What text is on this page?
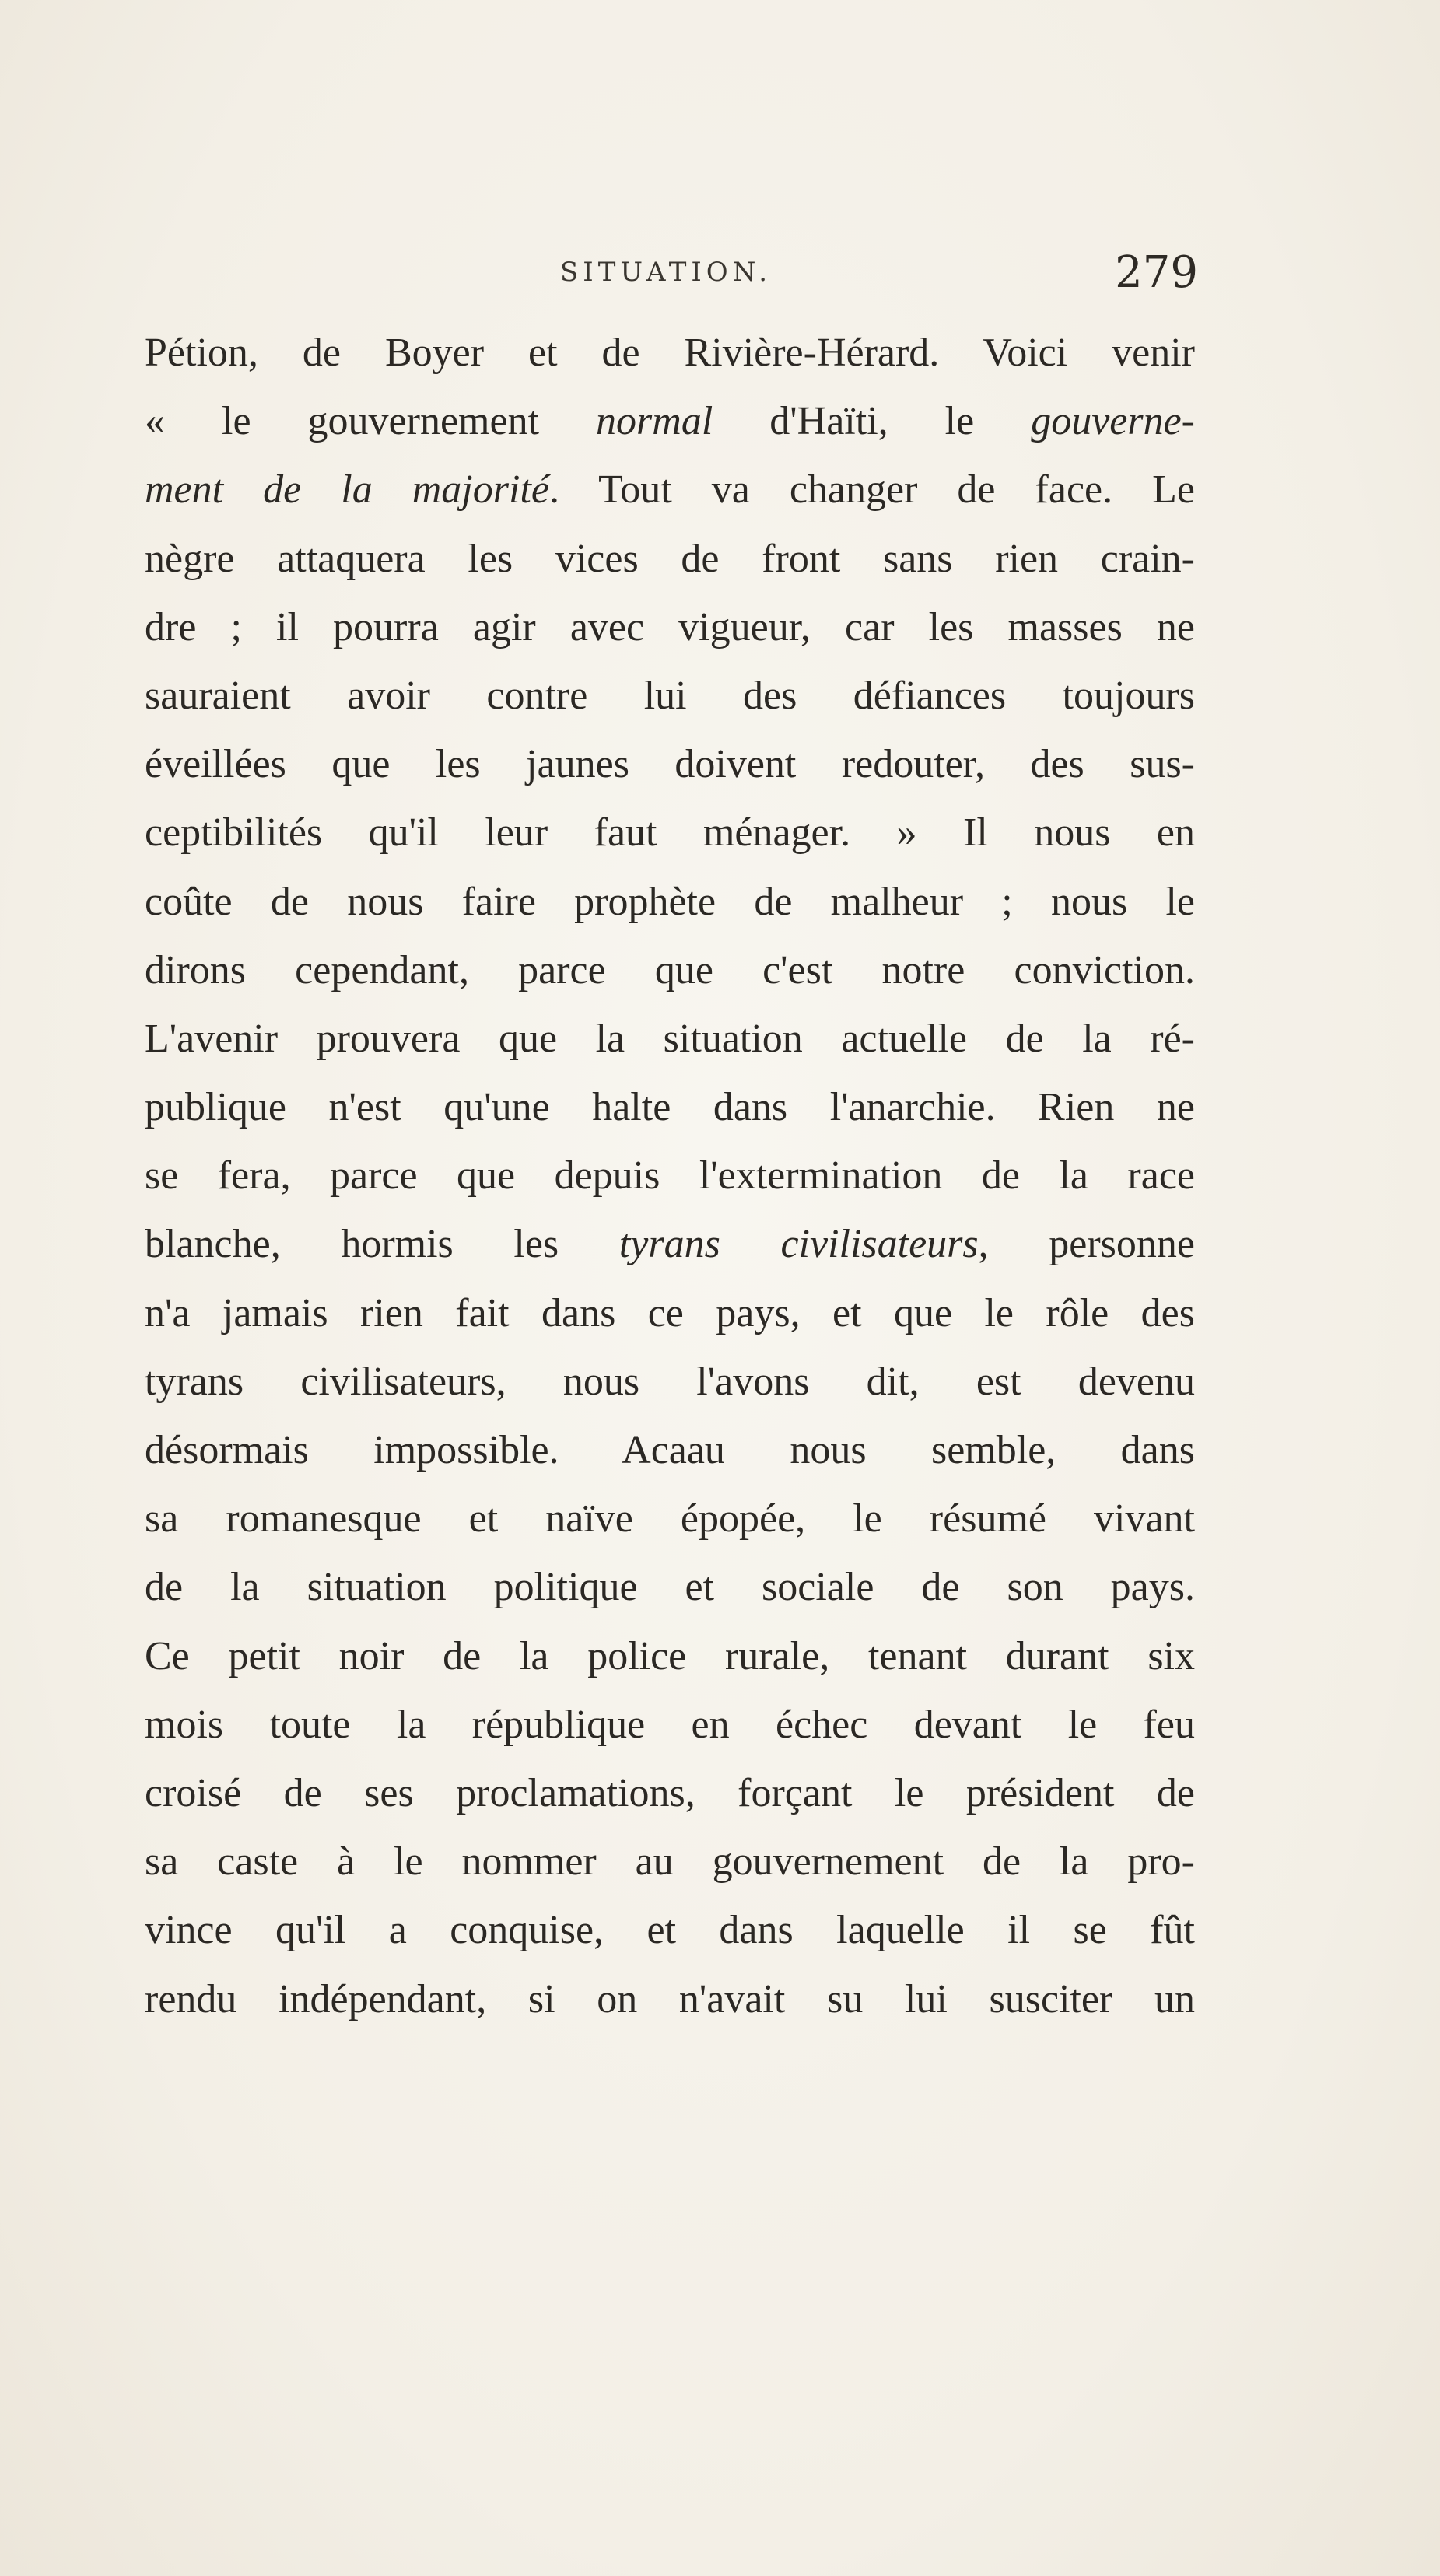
SITUATION.	279
Pétion, de Boyer et de Rivière-Hérard. Voici venir
« le gouvernement normal d'Haïti, le gouverne-
ment de la majorité. Tout va changer de face. Le
nègre attaquera les vices de front sans rien crain-
dre ; il pourra agir avec vigueur, car les masses ne
sauraient avoir contre lui des défiances toujours
éveillées que les jaunes doivent redouter, des sus-
ceptibilités qu'il leur faut ménager. » Il nous en
coûte de nous faire prophète de malheur ; nous le
dirons cependant, parce que c'est notre conviction.
L'avenir prouvera que la situation actuelle de la ré-
publique n'est qu'une halte dans l'anarchie. Rien ne
se fera, parce que depuis l'extermination de la race
blanche, hormis les tyrans civilisateurs, personne
n'a jamais rien fait dans ce pays, et que le rôle des
tyrans civilisateurs, nous l'avons dit, est devenu
désormais impossible. Acaau nous semble, dans
sa romanesque et naïve épopée, le résumé vivant
de la situation politique et sociale de son pays.
Ce petit noir de la police rurale, tenant durant six
mois toute la république en échec devant le feu
croisé de ses proclamations, forçant le président de
sa caste à le nommer au gouvernement de la pro-
vince qu'il a conquise, et dans laquelle il se fût
rendu indépendant, si on n'avait su lui susciter un
